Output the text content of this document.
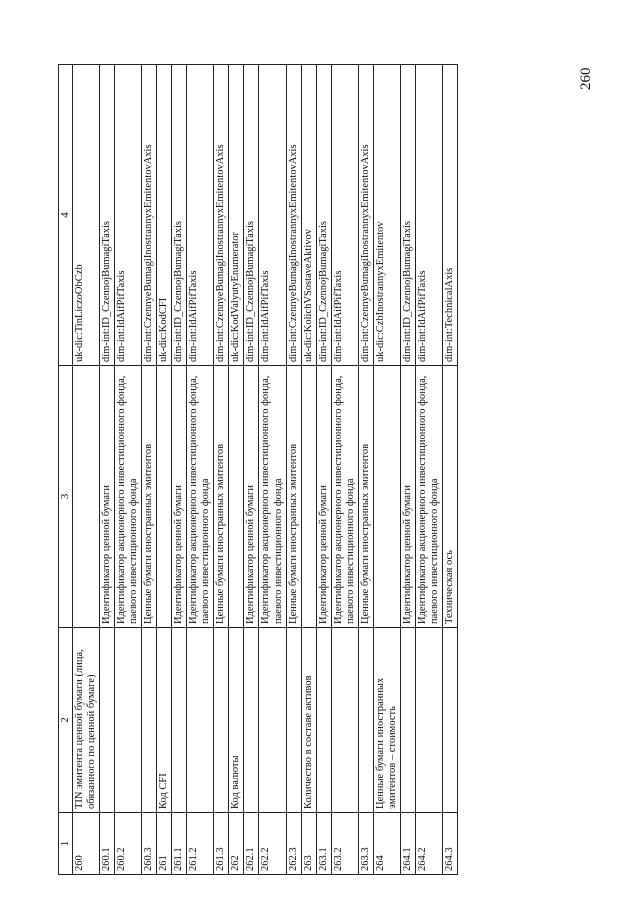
260
1	2	3	4
260	TIN эмитента ценной бумаги (лица, обязанного по ценной бумаге)		uk-dic:TinLiczoObCzb
260.1		Идентификатор ценной бумаги	dim-int:ID_CzennojBumagiTaxis
260.2		Идентификатор акционерного инвестиционного фонда, паевого инвестиционного фонда	dim-int:IdAifPifTaxis
260.3		Ценные бумаги иностранных эмитентов	dim-int:CzennyeBumagiInostrannyxEmitentovAxis
261	Код CFI		uk-dic:KodCFI
261.1		Идентификатор ценной бумаги	dim-int:ID_CzennojBumagiTaxis
261.2		Идентификатор акционерного инвестиционного фонда, паевого инвестиционного фонда	dim-int:IdAifPifTaxis
261.3		Ценные бумаги иностранных эмитентов	dim-int:CzennyeBumagiInostrannyxEmitentovAxis
262	Код валюты		uk-dic:KodValyutyEnumerator
262.1		Идентификатор ценной бумаги	dim-int:ID_CzennojBumagiTaxis
262.2		Идентификатор акционерного инвестиционного фонда, паевого инвестиционного фонда	dim-int:IdAifPifTaxis
262.3		Ценные бумаги иностранных эмитентов	dim-int:CzennyeBumagiInostrannyxEmitentovAxis
263	Количество в составе активов		uk-dic:KolichVSostaveAktivov
263.1		Идентификатор ценной бумаги	dim-int:ID_CzennojBumagiTaxis
263.2		Идентификатор акционерного инвестиционного фонда, паевого инвестиционного фонда	dim-int:IdAifPifTaxis
263.3		Ценные бумаги иностранных эмитентов	dim-int:CzennyeBumagiInostrannyxEmitentovAxis
264	Ценные бумаги иностранных эмитентов – стоимость		uk-dic:CzbInostrannyxEmitentov
264.1		Идентификатор ценной бумаги	dim-int:ID_CzennojBumagiTaxis
264.2		Идентификатор акционерного инвестиционного фонда, паевого инвестиционного фонда	dim-int:IdAifPifTaxis
264.3		Техническая ось	dim-int:TechnicalAxis
